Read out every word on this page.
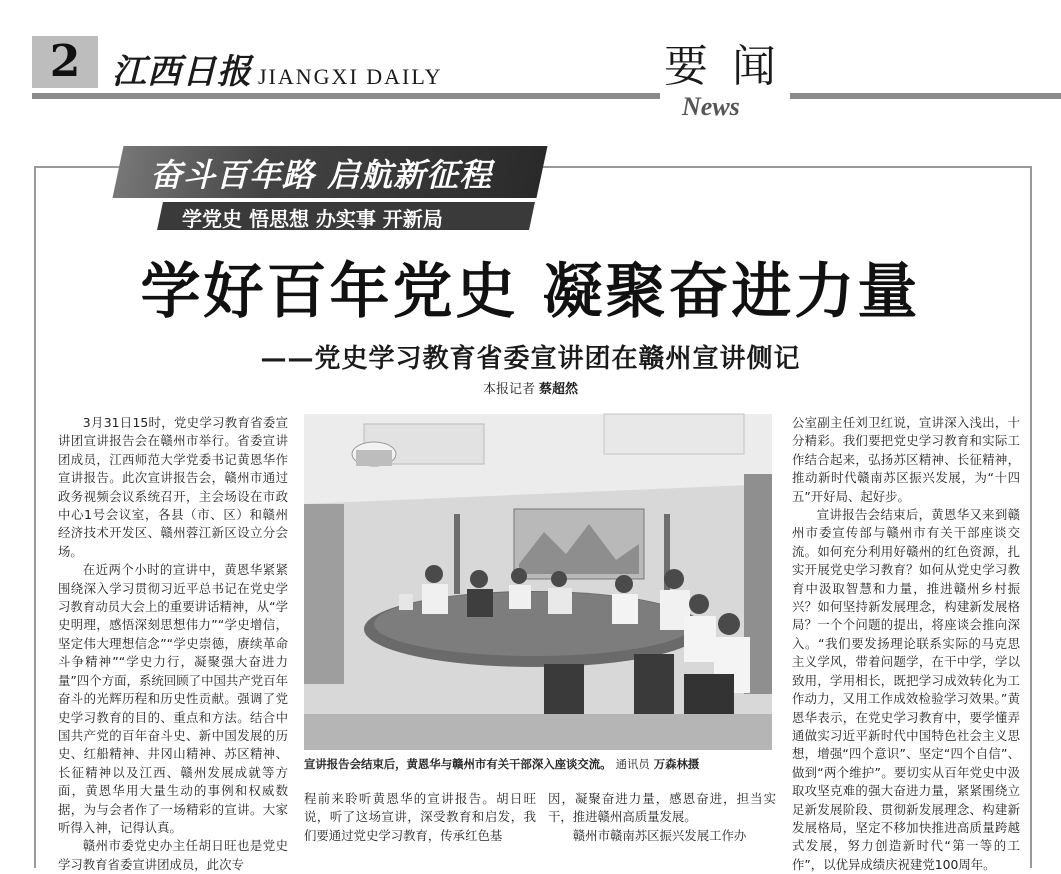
2 江西日报 JIANGXI DAILY	要闻
News
奋斗百年路 启航新征程
学党史 悟思想 办实事 开新局
学好百年党史 凝聚奋进力量
——党史学习教育省委宣讲团在赣州宣讲侧记
本报记者 蔡超然

3月31日15时，党史学习教育省委宣讲团宣讲报告会在赣州市举行。省委宣讲团成员，江西师范大学党委书记黄恩华作宣讲报告。此次宣讲报告会，赣州市通过政务视频会议系统召开，主会场设在市政中心1号会议室，各县（市、区）和赣州经济技术开发区、赣州蓉江新区设立分会场。

在近两个小时的宣讲中，黄恩华紧紧围绕深入学习贯彻习近平总书记在党史学习教育动员大会上的重要讲话精神，从“学史明理，感悟深刻思想伟力”“学史增信，坚定伟大理想信念”“学史崇德，赓续革命斗争精神”“学史力行，凝聚强大奋进力量”四个方面，系统回顾了中国共产党百年奋斗的光辉历程和历史性贡献。强调了党史学习教育的目的、重点和方法。结合中国共产党的百年奋斗史、新中国发展的历史、红船精神、井冈山精神、苏区精神、长征精神以及江西、赣州发展成就等方面，黄恩华用大量生动的事例和权威数据，为与会者作了一场精彩的宣讲。大家听得入神，记得认真。

赣州市委党史办主任胡日旺也是党史学习教育省委宣讲团成员，此次专

宣讲报告会结束后，黄恩华与赣州市有关干部深入座谈交流。 通讯员 万森林摄

程前来聆听黄恩华的宣讲报告。胡日旺说，听了这场宣讲，深受教育和启发，我们要通过党史学习教育，传承红色基

因，凝聚奋进力量，感恩奋进，担当实干，推进赣州高质量发展。

赣州市赣南苏区振兴发展工作办

公室副主任刘卫红说，宣讲深入浅出，十分精彩。我们要把党史学习教育和实际工作结合起来，弘扬苏区精神、长征精神，推动新时代赣南苏区振兴发展，为“十四五”开好局、起好步。

宣讲报告会结束后，黄恩华又来到赣州市委宣传部与赣州市有关干部座谈交流。如何充分利用好赣州的红色资源，扎实开展党史学习教育？如何从党史学习教育中汲取智慧和力量，推进赣州乡村振兴？如何坚持新发展理念，构建新发展格局？一个个问题的提出，将座谈会推向深入。“我们要发扬理论联系实际的马克思主义学风，带着问题学，在干中学，学以致用，学用相长，既把学习成效转化为工作动力，又用工作成效检验学习效果。”黄恩华表示，在党史学习教育中，要学懂弄通做实习近平新时代中国特色社会主义思想，增强“四个意识”、坚定“四个自信”、做到“两个维护”。要切实从百年党史中汲取攻坚克难的强大奋进力量，紧紧围绕立足新发展阶段、贯彻新发展理念、构建新发展格局，坚定不移加快推进高质量跨越式发展，努力创造新时代“第一等的工作”，以优异成绩庆祝建党100周年。
